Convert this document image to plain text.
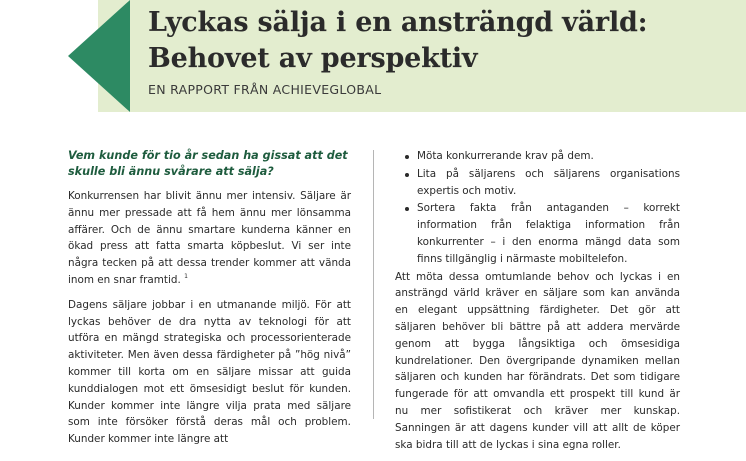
Lyckas sälja i en ansträngd värld:
Behovet av perspektiv
EN RAPPORT FRÅN ACHIEVEGLOBAL

Vem kunde för tio år sedan ha gissat att det skulle bli ännu svårare att sälja?

Konkurrensen har blivit ännu mer intensiv. Säljare är ännu mer pressade att få hem ännu mer lönsamma affärer. Och de ännu smartare kunderna känner en ökad press att fatta smarta köpbeslut. Vi ser inte några tecken på att dessa trender kommer att vända inom en snar framtid. $^1$

Dagens säljare jobbar i en utmanande miljö. För att lyckas behöver de dra nytta av teknologi för att utföra en mängd strategiska och processorienterade aktiviteter. Men även dessa färdigheter på ”hög nivå” kommer till korta om en säljare missar att guida kunddialogen mot ett ömsesidigt beslut för kunden. Kunder kommer inte längre vilja prata med säljare som inte försöker förstå deras mål och problem. Kunder kommer inte längre att

Möta konkurrerande krav på dem.
Lita på säljarens och säljarens organisations expertis och motiv.
Sortera fakta från antaganden – korrekt information från felaktiga information från konkurrenter – i den enorma mängd data som finns tillgänglig i närmaste mobiltelefon.

Att möta dessa omtumlande behov och lyckas i en ansträngd värld kräver en säljare som kan använda en elegant uppsättning färdigheter. Det gör att säljaren behöver bli bättre på att addera mervärde genom att bygga långsiktiga och ömsesidiga kundrelationer. Den övergripande dynamiken mellan säljaren och kunden har förändrats. Det som tidigare fungerade för att omvandla ett prospekt till kund är nu mer sofistikerat och kräver mer kunskap. Sanningen är att dagens kunder vill att allt de köper ska bidra till att de lyckas i sina egna roller.
